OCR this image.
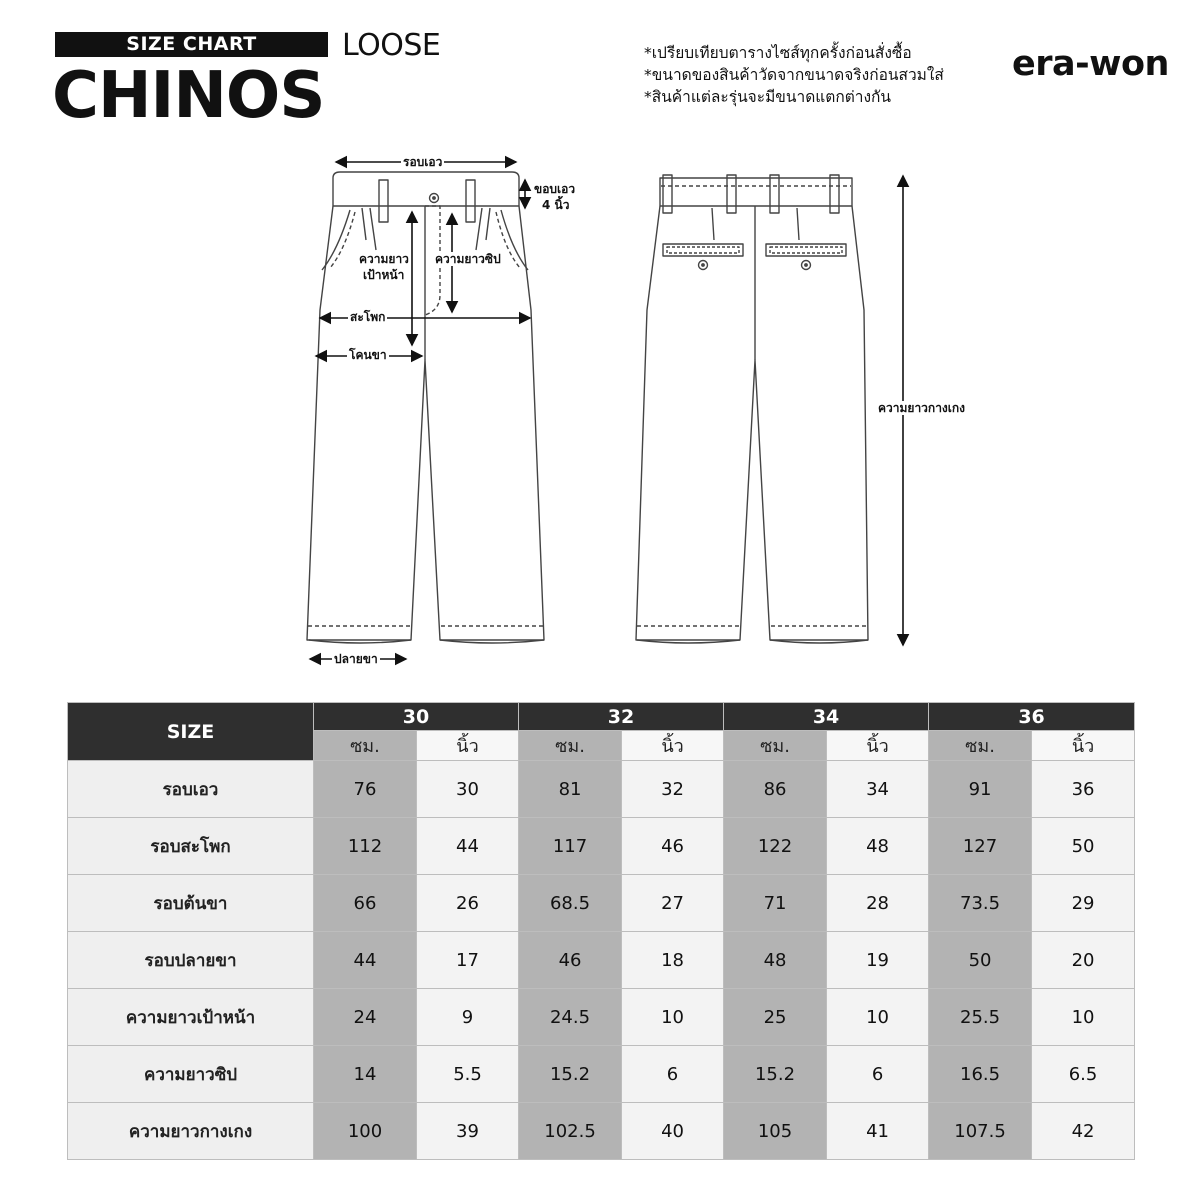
SIZE CHART	LOOSE
CHINOS
*เปรียบเทียบตารางไซส์ทุกครั้งก่อนสั่งซื้อ
*ขนาดของสินค้าวัดจากขนาดจริงก่อนสวมใส่
*สินค้าแต่ละรุ่นจะมีขนาดแตกต่างกัน
era-won
รอบเอว
ขอบเอว
4 นิ้ว
ความยาว
เป้าหน้า
ความยาวซิป
สะโพก
โคนขา
ปลายขา
ความยาวกางเกง
SIZE	30		32		34		36	
	ซม.	นิ้ว	ซม.	นิ้ว	ซม.	นิ้ว	ซม.	นิ้ว
รอบเอว	76	30	81	32	86	34	91	36
รอบสะโพก	112	44	117	46	122	48	127	50
รอบต้นขา	66	26	68.5	27	71	28	73.5	29
รอบปลายขา	44	17	46	18	48	19	50	20
ความยาวเป้าหน้า	24	9	24.5	10	25	10	25.5	10
ความยาวซิป	14	5.5	15.2	6	15.2	6	16.5	6.5
ความยาวกางเกง	100	39	102.5	40	105	41	107.5	42
